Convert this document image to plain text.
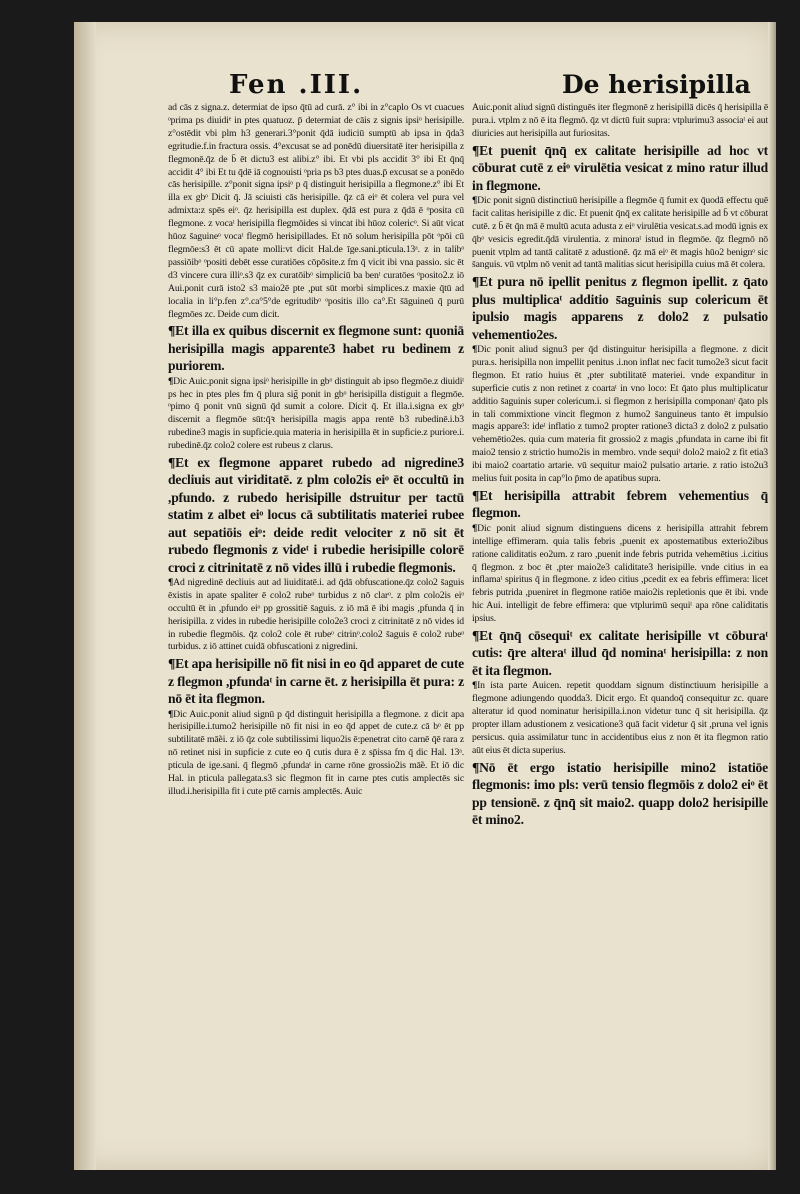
Fen .III.	De herisipilla

ad cās z signa.z. determiat de ipso q̄tū ad curā. z° ibi in z°caplo Os vt cuacues ᵒprima ps diuidiᵉ in ptes quatuoz. p̄ determiat de cāis z signis ipsiᵒ herisipille. z°ostēdit vbi plm h3 generari.3°ponit q̄dā iudiciū sumptū ab ipsa in q̄da3 egritudie.f.in fractura ossis. 4°excusat se ad ponēdū diuersitatē iter herisipilla z flegmonē.q̄z de b̄ ēt dictu3 est alibi.z° ibi. Et vbi pls accidit 3° ibi Et q̄nq̄ accidit 4° ibi Et tu q̄dē iā cognouisti ᵒpria ps b3 ptes duas.p̄ excusat se a ponēdo cās herisipille. z°ponit signa ipsiᵒ p q̄ distinguit herisipilla a flegmone.z° ibi Et illa ex gbᵒ Dicit q̄. Jā sciuisti cās herisipille. q̄z cā eiᵒ ēt colera vel pura vel admixta:z spēs eiᵒ. q̄z herisipilla est duplex. q̄dā est pura z q̄dā ē ᵒposita cū flegmone. z vocaᵗ herisipilla flegmōides si vincat ibi hūoz colericᵒ. Si aūt vicat hūoz s̄aguineᵒ vocaᵗ flegmō herisipillades. Et nō solum herisipilla pōt ᵒpōi cū flegmōe:s3 ēt cū apate molli:vt dicit Hal.de īge.sani.pticula.13ᵃ. z in talibᵒ passiōibᵒ ᵒpositi debēt esse curatiōes cōpōsite.z fm q̄ vicit ibi vna passio. sic ēt d3 vincere cura illiᵒ.s3 q̄z ex curatōibᵒ simpliciū ba benᵗ curatōes ᵒposito2.z iō Aui.ponit curā isto2 s3 maio2ē pte ,put sūt morbi simplices.z maxie q̄tū ad localia in li°p.fen z°.ca°5°de egritudibᵒ ᵒpositis illo ca°.Et s̄āguineū q̄ purū flegmōes zc. Deide cum dicit.

¶Et illa ex quibus discernit ex flegmone sunt: quoniā herisipilla magis apparente3 habet ru bedinem z puriorem.

¶Dic Auic.ponit signa ipsiᵒ herisipille in gbᵒ distinguit ab ipso flegmōe.z diuidiᵗ ps hec in ptes ples fm q̄ plura sig̃ ponit in gbᵒ herisipilla distiguit a flegmōe. ᵒpimo q̄ ponit vnū signū q̄d sumit a colore. Dicit q̄. Et illa.i.signa ex gbᵒ discernit a flegmōe sūt:q̄ꝛ herisipilla magis appa rentē b3 rubedinē.i.b3 rubedine3 magis in supficie.quia materia in herisipilla ēt in supficie.z puriore.i. rubedinē.q̄z colo2 colere est rubeus z clarus.

¶Et ex flegmone apparet rubedo ad nigredine3 decliuis aut viriditatē. z plm colo2is eiᵒ ēt occultū in ,pfundo. z rubedo herisipille dstruitur per tactū statim z albet eiᵒ locus cā subtilitatis materiei rubee aut sepatiōis eiᵒ: deide redit velociter z nō sit ēt rubedo flegmonis z videᵗ i rubedie herisipille colorē croci z citrinitatē z nō vides illū i rubedie flegmonis.

¶Ad nigredinē decliuis aut ad liuiditatē.i. ad q̄dā obfuscatione.q̄z colo2 s̄aguis ēxistis in apate spaliter ē colo2 rubeᵒ turbidus z nō clarᵒ. z plm colo2is eiᵒ occultū ēt in ,pfundo eiᵒ pp grossitiē s̄aguis. z iō mā ē ibi magis ,pfunda q̄ in herisipilla. z vides in rubedie herisipille colo2e3 croci z citrinitatē z nō vides id in rubedie flegmōis. q̄z colo2 cole ēt rubeᵒ citrinᵒ.colo2 s̄aguis ē colo2 rubeᵒ turbidus. z iō attinet cuidā obfuscationi z nigredini.

¶Et apa herisipille nō fit nisi in eo q̄d apparet de cute z flegmon ,pfundaᵗ in carne ēt. z herisipilla ēt pura: z nō ēt ita flegmon.

¶Dic Auic.ponit aliud signū p q̄d distinguit herisipilla a flegmone. z dicit apa herisipille.i.tumo2 herisipille nō fit nisi in eo q̄d appet de cute.z cā bᵒ ēt pp subtilitatē mā̃ei. z iō q̄z cole subtilissimi liquo2is ē:penetrat cito carnē q̄ē rara z nō retinet nisi in supficie z cute eo q̄ cutis dura ē z sp̄issa fm q̄ dic Hal. 13ᵃ. pticula de ige.sani. q̄ flegmō ,pfundaᵗ in carne rōne grossio2is mā̃e. Et iō dic Hal. in pticula pallegata.s3 sic flegmon fit in carne ptes cutis amplectēs sic illud.i.herisipilla fit i cute ptē carnis amplectēs. Auic

Auic.ponit aliud signū distinguēs iter flegmonē z herisipillā dicēs q̄ herisipilla ē pura.i. vtplm z nō ē ita flegmō. q̄z vt dictū fuit supra: vtplurimu3 associaᵗ ei aut diuricies aut herisipilla aut furiositas.

¶Et puenit q̄nq̄ ex calitate herisipille ad hoc vt cōburat cutē z eiᵒ virulētia vesicat z mino ratur illud in flegmone.

¶Dic ponit signū distinctiuū herisipille a flegmōe q̄ fumit ex q̄uodā effectu quē facit calitas herisipille z dic. Et puenit q̄nq̄ ex calitate herisipille ad b̄ vt cōburat cutē. z b̄ ēt q̄n mā ē multū acuta adusta z eiᵒ virulētia vesicat.s.ad modū ignis ex q̄bᵒ vesicis egredit.q̄dā virulentia. z minoraᵗ istud in flegmōe. q̄z flegmō nō puenit vtplm ad tantā calitatē z adustionē. q̄z mā eiᵒ ēt magis hūo2 benignᵒ sic s̄anguis. vū vtplm nō venit ad tantā malitias sicut herisipilla cuius mā ēt colera.

¶Et pura nō ipellit penitus z flegmon ipellit. z q̄ato plus multiplicaᵗ additio s̄aguinis sup colericum ēt ipulsio magis apparens z dolo2 z pulsatio vehementio2es.

¶Dic ponit aliud signu3 per q̄d distinguitur herisipilla a flegmone. z dicit pura.s. herisipilla non impellit penitus .i.non inflat nec facit tumo2e3 sicut facit flegmon. Et ratio huius ēt ,pter subtilitatē materiei. vnde expanditur in superficie cutis z non retinet z coartaᵗ in vno loco: Et q̄ato plus multiplicatur additio s̄aguinis super colericum.i. si flegmon z herisipilla componanᵗ q̄ato pls in tali commixtione vincit flegmon z humo2 s̄anguineus tanto ēt impulsio magis appare3: ideᵗ inflatio z tumo2 propter ratione3 dicta3 z dolo2 z pulsatio vehemētio2es. quia cum materia fit grossio2 z magis ,pfundata in carne ibi fit maio2 tensio z strictio humo2is in membro. vnde sequiᵗ dolo2 maio2 z fit etia3 ibi maio2 coartatio artarie. vū sequitur maio2 pulsatio artarie. z ratio isto2u3 melius fuit posita in cap°lo p̄mo de apatibus supra.

¶Et herisipilla attrabit febrem vehementius q̄ flegmon.

¶Dic ponit aliud signum distinguens dicens z herisipilla attrahit febrem intellige effimeram. quia talis febris ,puenit ex apostematibus exterio2ibus ratione caliditatis eo2um. z raro ,puenit inde febris putrida vehemētius .i.citius q̄ flegmon. z boc ēt ,pter maio2e3 caliditate3 herisipille. vnde citius in ea inflamaᵗ spiritus q̄ in flegmone. z ideo citius ,pcedit ex ea febris effimera: licet febris putrida ,pueniret in flegmone ratiōe maio2is repletionis que ēt ibi. vnde hic Aui. intelligit de febre effimera: que vtplurimū sequiᵗ apa rōne caliditatis ipsius.

¶Et q̄nq̄ cōsequiᵗ ex calitate herisipille vt cōburaᵗ cutis: q̄re alteraᵗ illud q̄d nominaᵗ herisipilla: z non ēt ita flegmon.

¶In ista parte Auicen. repetit quoddam signum distinctiuum herisipille a flegmone adiungendo quodda3. Dicit ergo. Et quandoq̄ consequitur zc. quare alteratur id quod nominatur herisipilla.i.non videtur tunc q̄ sit herisipilla. q̄z propter illam adustionem z vesicatione3 quā facit videtur q̄ sit ,pruna vel ignis persicus. quia assimilatur tunc in accidentibus eius z non ēt ita flegmon ratio aūt eius ēt dicta superius.

¶Nō ēt ergo istatio herisipille mino2 istatiōe flegmonis: imo pls: verū tensio flegmōis z dolo2 eiᵒ ēt pp tensionē. z q̄nq̄ sit maio2. quapp dolo2 herisipille ēt mino2.
